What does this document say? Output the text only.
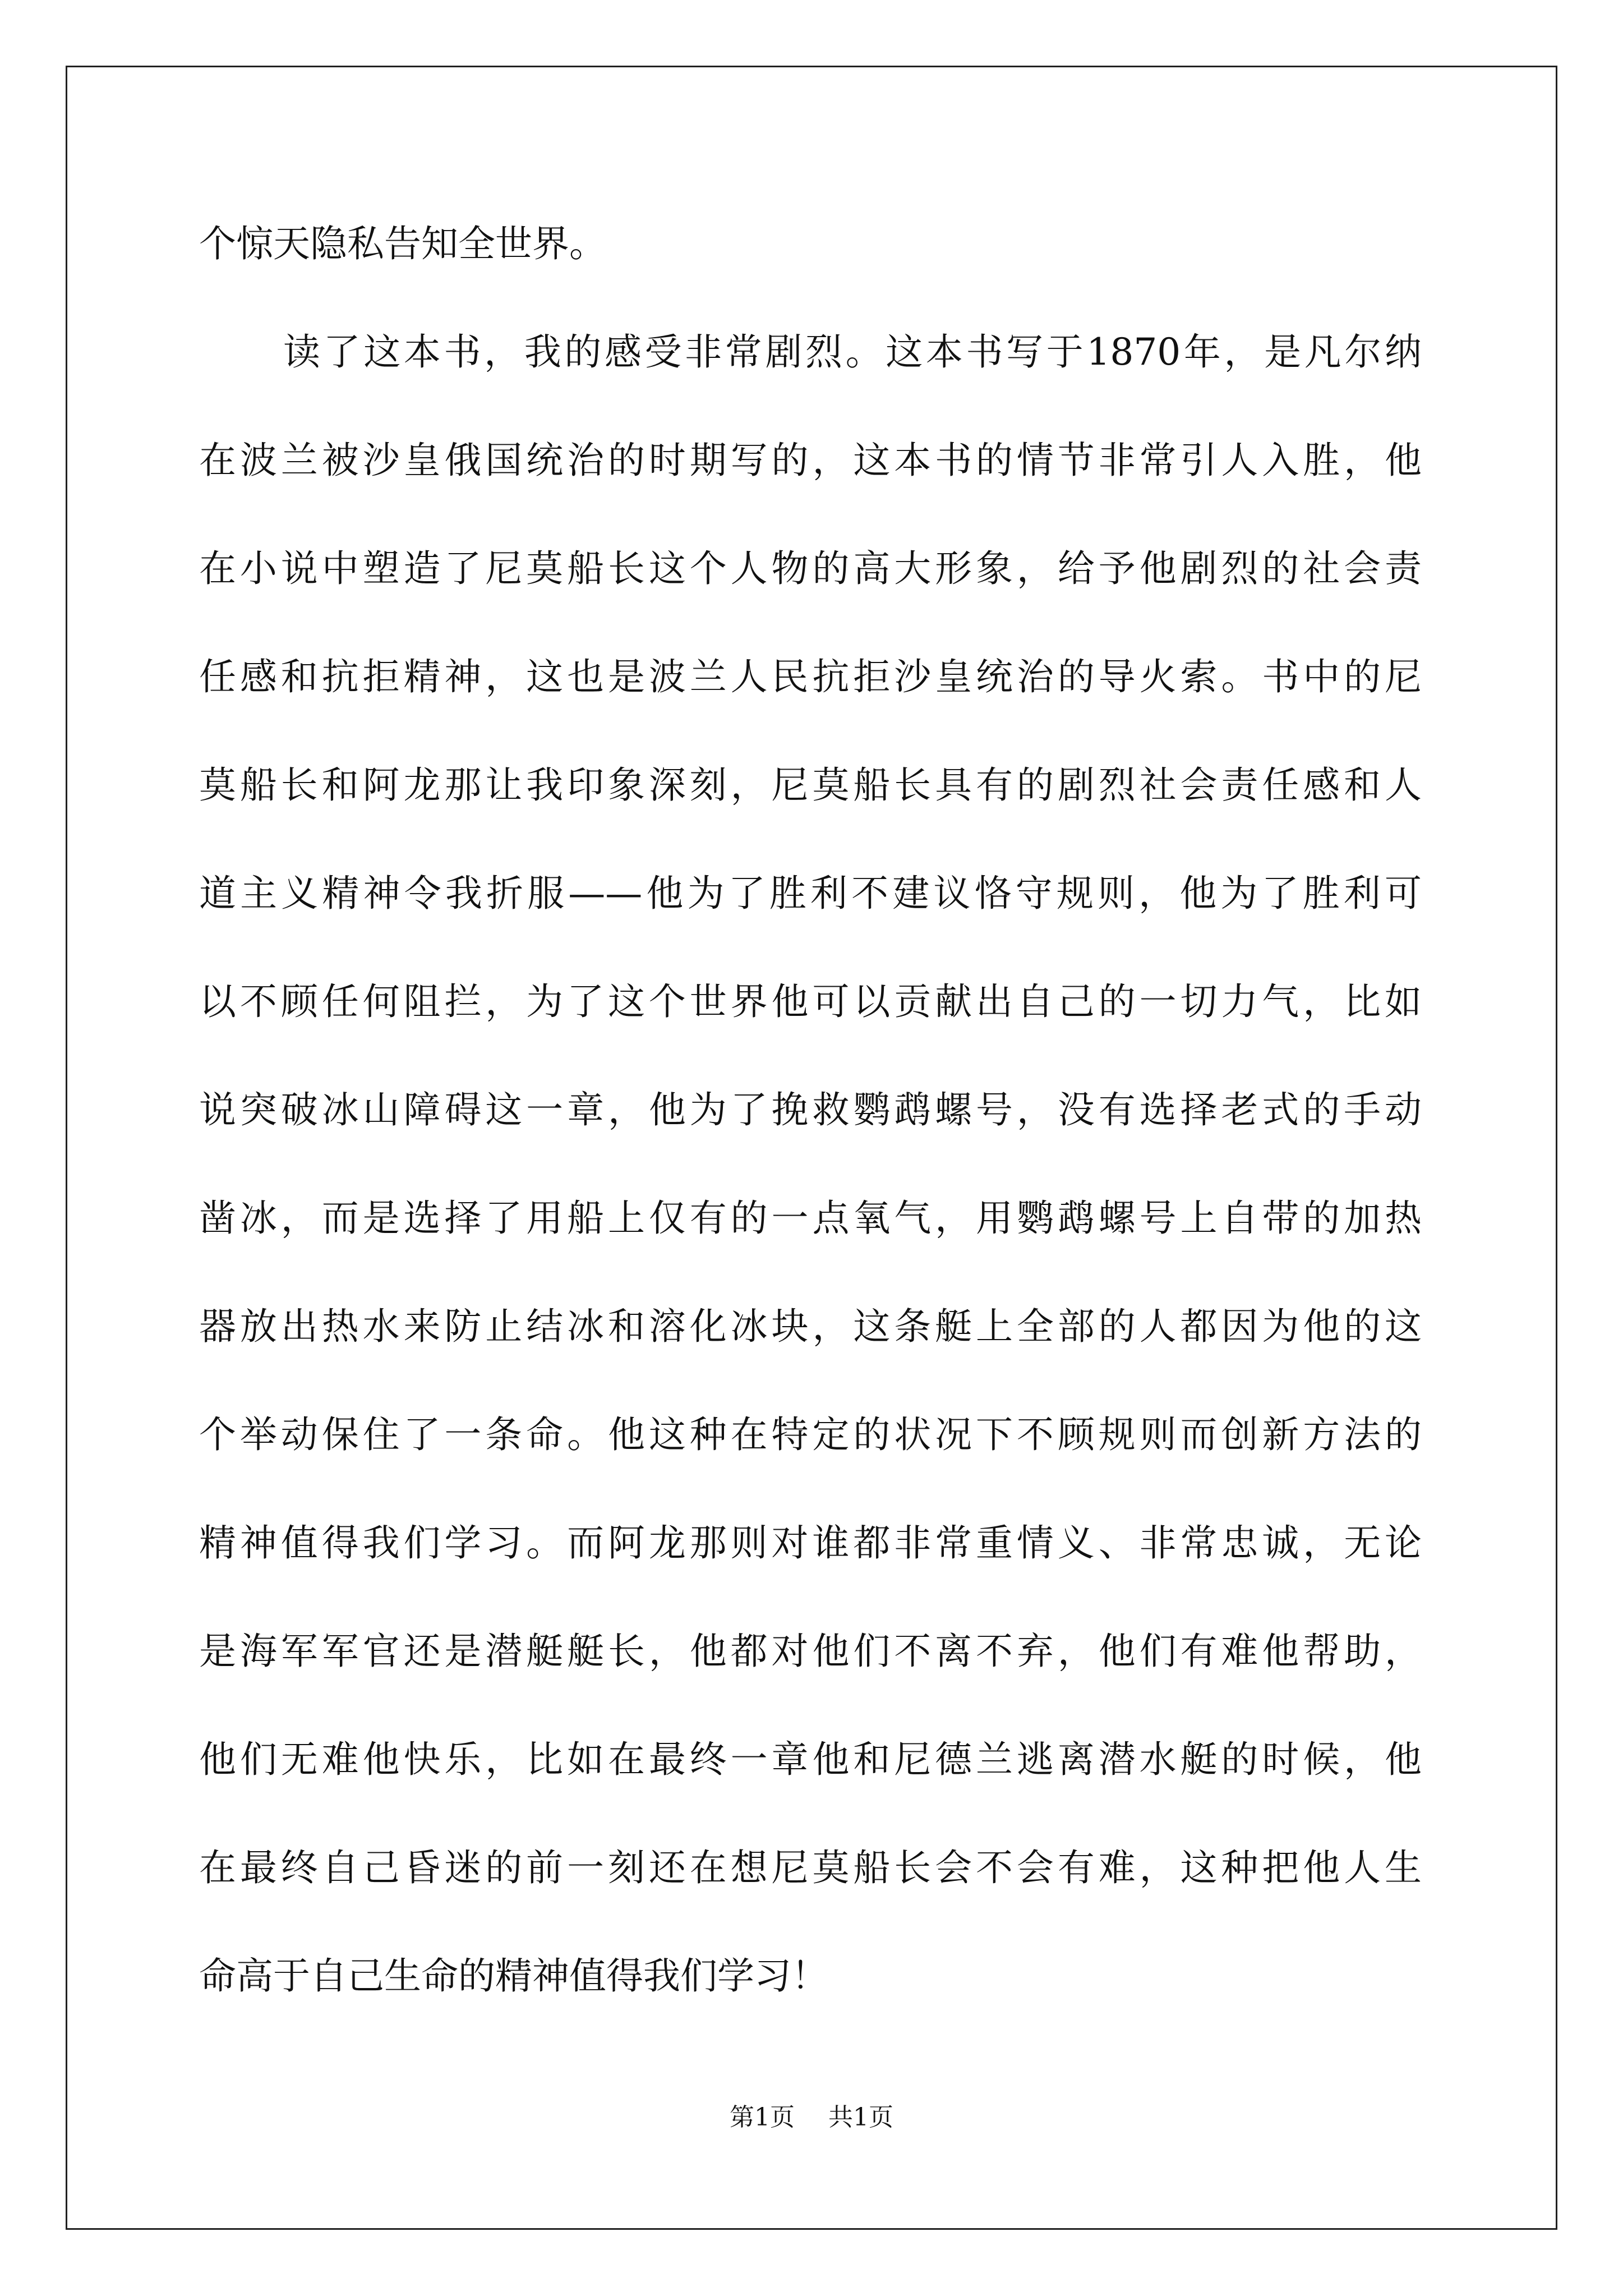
个惊天隐私告知全世界。
读了这本书，我的感受非常剧烈。这本书写于1870年，是凡尔纳
在波兰被沙皇俄国统治的时期写的，这本书的情节非常引人入胜，他
在小说中塑造了尼莫船长这个人物的高大形象，给予他剧烈的社会责
任感和抗拒精神，这也是波兰人民抗拒沙皇统治的导火索。书中的尼
莫船长和阿龙那让我印象深刻，尼莫船长具有的剧烈社会责任感和人
道主义精神令我折服——他为了胜利不建议恪守规则，他为了胜利可
以不顾任何阻拦，为了这个世界他可以贡献出自己的一切力气，比如
说突破冰山障碍这一章，他为了挽救鹦鹉螺号，没有选择老式的手动
凿冰，而是选择了用船上仅有的一点氧气，用鹦鹉螺号上自带的加热
器放出热水来防止结冰和溶化冰块，这条艇上全部的人都因为他的这
个举动保住了一条命。他这种在特定的状况下不顾规则而创新方法的
精神值得我们学习。而阿龙那则对谁都非常重情义、非常忠诚，无论
是海军军官还是潜艇艇长，他都对他们不离不弃，他们有难他帮助，
他们无难他快乐，比如在最终一章他和尼德兰逃离潜水艇的时候，他
在最终自己昏迷的前一刻还在想尼莫船长会不会有难，这种把他人生
命高于自己生命的精神值得我们学习！
第1页 共1页
